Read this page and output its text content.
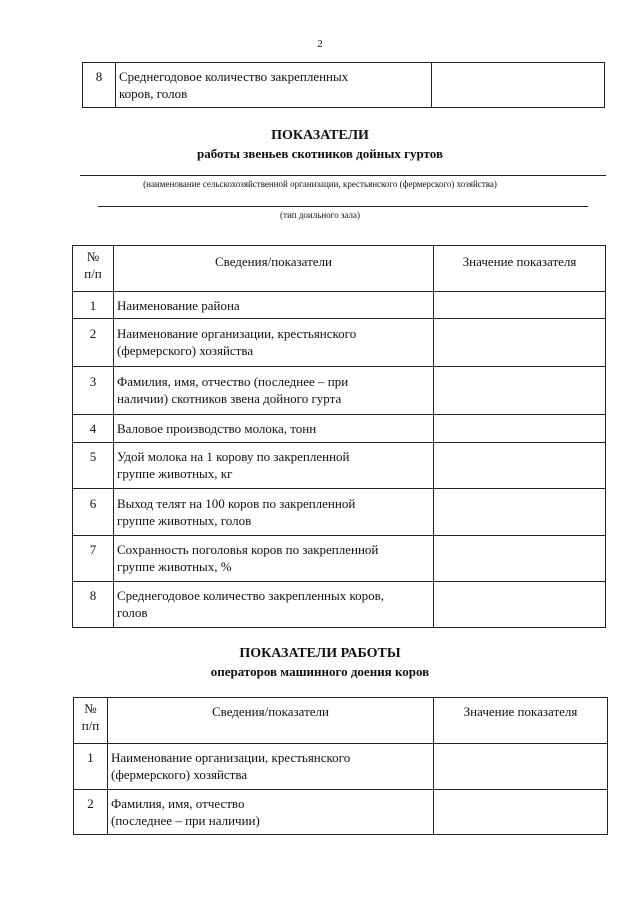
2
8	Среднегодовое количество закрепленных
коров, голов

ПОКАЗАТЕЛИ
работы звеньев скотников дойных гуртов
(наименование сельскохозяйственной организации, крестьянского (фермерского) хозяйства)
(тип доильного зала)
№
п/п	Сведения/показатели	Значение показателя
1	Наименование района	

2	Наименование организации, крестьянского
(фермерского) хозяйства	

3	Фамилия, имя, отчество (последнее – при
наличии) скотников звена дойного гурта	

4	Валовое производство молока, тонн	

5	Удой молока на 1 корову по закрепленной
группе животных, кг	

6	Выход телят на 100 коров по закрепленной
группе животных, голов	

7	Сохранность поголовья коров по закрепленной
группе животных, %	

8	Среднегодовое количество закрепленных коров,
голов	

ПОКАЗАТЕЛИ РАБОТЫ
операторов машинного доения коров
№
п/п	Сведения/показатели	Значение показателя
1	Наименование организации, крестьянского
(фермерского) хозяйства	

2	Фамилия, имя, отчество
(последнее – при наличии)	
